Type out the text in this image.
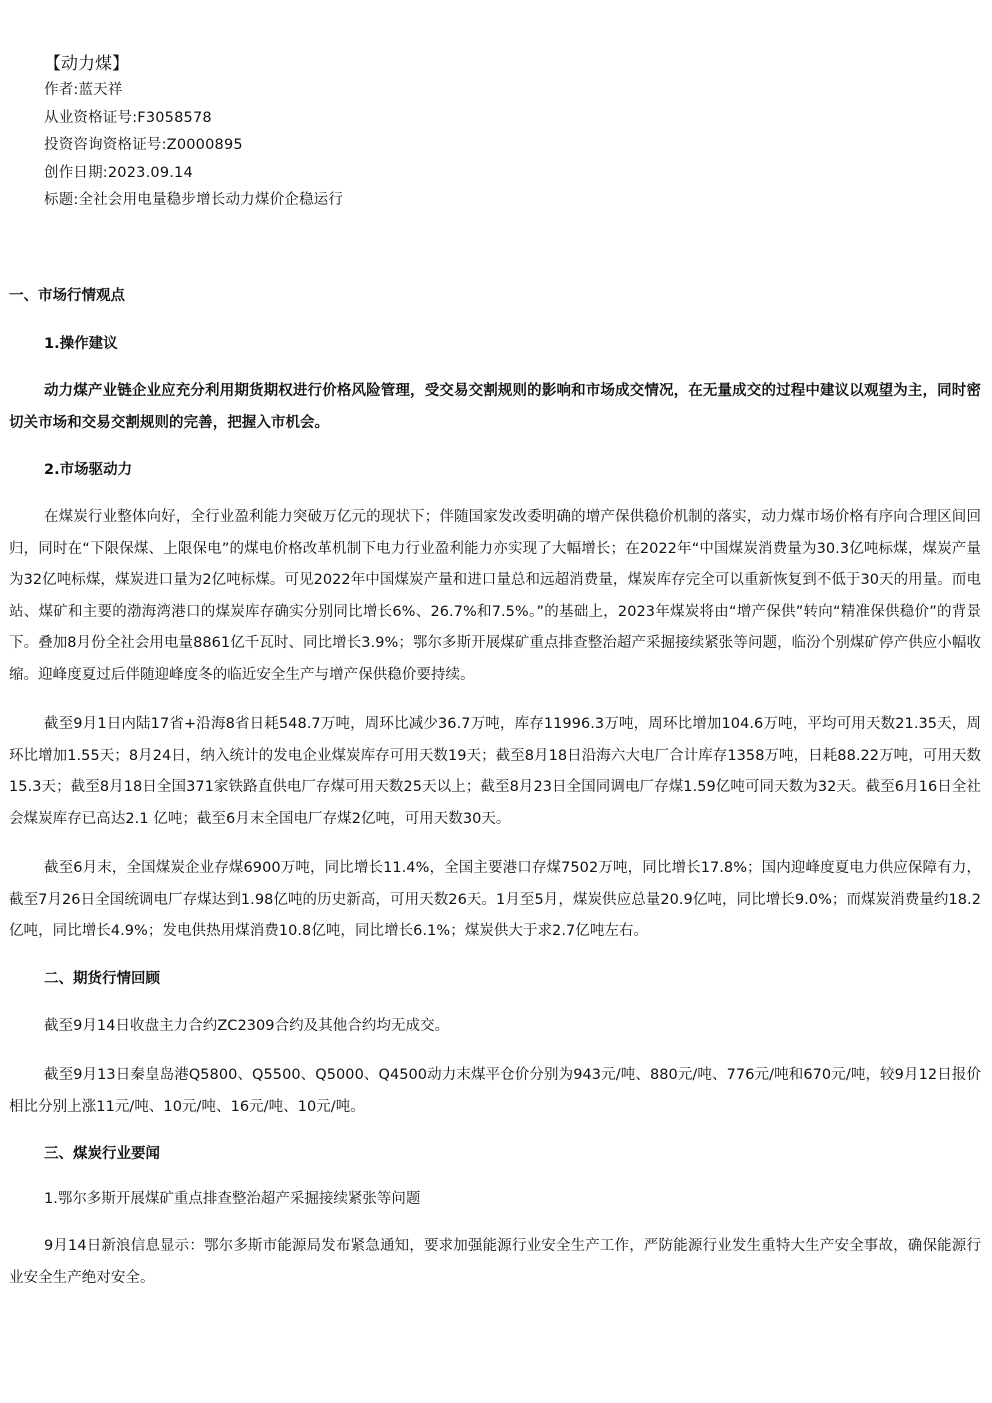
【动力煤】
作者:蓝天祥
从业资格证号:F3058578
投资咨询资格证号:Z0000895
创作日期:2023.09.14
标题:全社会用电量稳步增长动力煤价企稳运行
一、市场行情观点
1.操作建议

动力煤产业链企业应充分利用期货期权进行价格风险管理，受交易交割规则的影响和市场成交情况，在无量成交的过程中建议以观望为主，同时密切关市场和交易交割规则的完善，把握入市机会。

2.市场驱动力

在煤炭行业整体向好，全行业盈利能力突破万亿元的现状下；伴随国家发改委明确的增产保供稳价机制的落实，动力煤市场价格有序向合理区间回归，同时在“下限保煤、上限保电”的煤电价格改革机制下电力行业盈利能力亦实现了大幅增长；在2022年“中国煤炭消费量为30.3亿吨标煤，煤炭产量为32亿吨标煤，煤炭进口量为2亿吨标煤。可见2022年中国煤炭产量和进口量总和远超消费量，煤炭库存完全可以重新恢复到不低于30天的用量。而电站、煤矿和主要的渤海湾港口的煤炭库存确实分别同比增长6%、26.7%和7.5%。”的基础上，2023年煤炭将由“增产保供”转向“精准保供稳价”的背景下。叠加8月份全社会用电量8861亿千瓦时、同比增长3.9%；鄂尔多斯开展煤矿重点排查整治超产采掘接续紧张等问题，临汾个别煤矿停产供应小幅收缩。迎峰度夏过后伴随迎峰度冬的临近安全生产与增产保供稳价要持续。

截至9月1日内陆17省+沿海8省日耗548.7万吨，周环比减少36.7万吨，库存11996.3万吨，周环比增加104.6万吨，平均可用天数21.35天，周环比增加1.55天；8月24日，纳入统计的发电企业煤炭库存可用天数19天；截至8月18日沿海六大电厂合计库存1358万吨，日耗88.22万吨，可用天数15.3天；截至8月18日全国371家铁路直供电厂存煤可用天数25天以上；截至8月23日全国同调电厂存煤1.59亿吨可同天数为32天。截至6月16日全社会煤炭库存已高达2.1 亿吨；截至6月末全国电厂存煤2亿吨，可用天数30天。

截至6月末，全国煤炭企业存煤6900万吨，同比增长11.4%，全国主要港口存煤7502万吨，同比增长17.8%；国内迎峰度夏电力供应保障有力，截至7月26日全国统调电厂存煤达到1.98亿吨的历史新高，可用天数26天。1月至5月，煤炭供应总量20.9亿吨，同比增长9.0%；而煤炭消费量约18.2亿吨，同比增长4.9%；发电供热用煤消费10.8亿吨，同比增长6.1%；煤炭供大于求2.7亿吨左右。

二、期货行情回顾

截至9月14日收盘主力合约ZC2309合约及其他合约均无成交。

截至9月13日秦皇岛港Q5800、Q5500、Q5000、Q4500动力末煤平仓价分别为943元/吨、880元/吨、776元/吨和670元/吨，较9月12日报价相比分别上涨11元/吨、10元/吨、16元/吨、10元/吨。

三、煤炭行业要闻
1.鄂尔多斯开展煤矿重点排查整治超产采掘接续紧张等问题

9月14日新浪信息显示：鄂尔多斯市能源局发布紧急通知，要求加强能源行业安全生产工作，严防能源行业发生重特大生产安全事故，确保能源行业安全生产绝对安全。
